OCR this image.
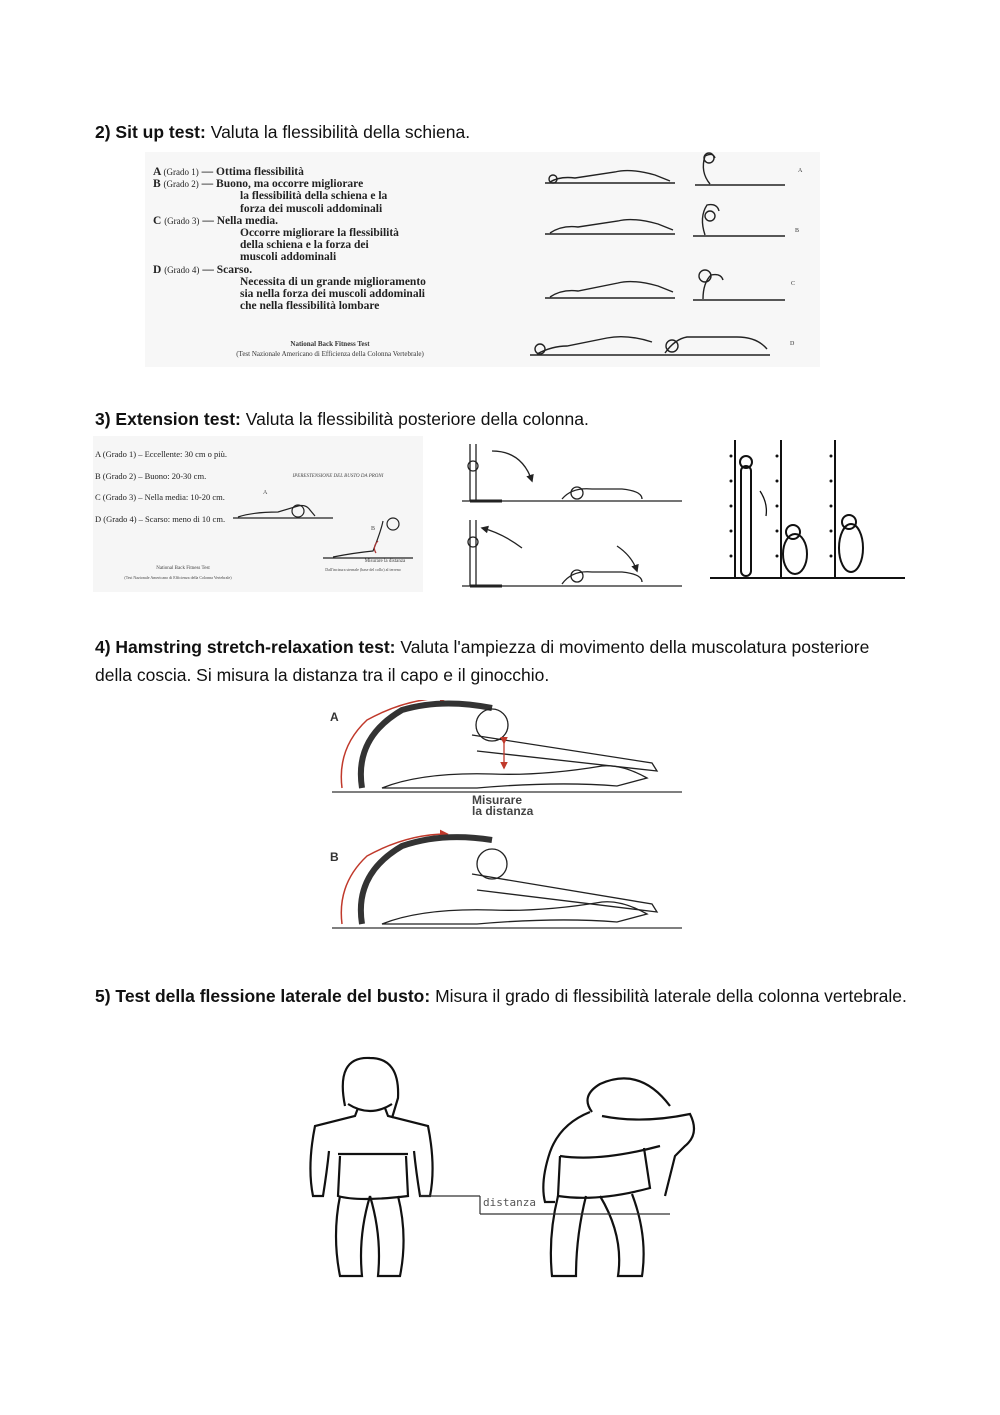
2) Sit up test: Valuta la flessibilità della schiena.

A (Grado 1) — Ottima flessibilità
B (Grado 2) — Buono, ma occorre migliorare
la flessibilità della schiena e la
forza dei muscoli addominali
C (Grado 3) — Nella media.
Occorre migliorare la flessibilità
della schiena e la forza dei
muscoli addominali
D (Grado 4) — Scarso.
Necessita di un grande miglioramento
sia nella forza dei muscoli addominali
che nella flessibilità lombare
National Back Fitness Test
(Test Nazionale Americano di Efficienza della Colonna Vertebrale)
A
B
C
D

3) Extension test: Valuta la flessibilità posteriore della colonna.

A (Grado 1) – Eccellente: 30 cm o più.
B (Grado 2) – Buono: 20-30 cm.
C (Grado 3) – Nella media: 10-20 cm.
D (Grado 4) – Scarso: meno di 10 cm.
IPERESTENSIONE DEL BUSTO DA PRONI
A
B
Misurare la distanza
Dall'incisura sternale (base del collo) al terreno
National Back Fitness Test
(Test Nazionale Americano di Efficienza della Colonna Vertebrale)

4) Hamstring stretch-relaxation test: Valuta l'ampiezza di movimento della muscolatura posteriore della coscia. Si misura la distanza tra il capo e il ginocchio.

A
B
Misurare
la distanza

5) Test della flessione laterale del busto: Misura il grado di flessibilità laterale della colonna vertebrale.

distanza
